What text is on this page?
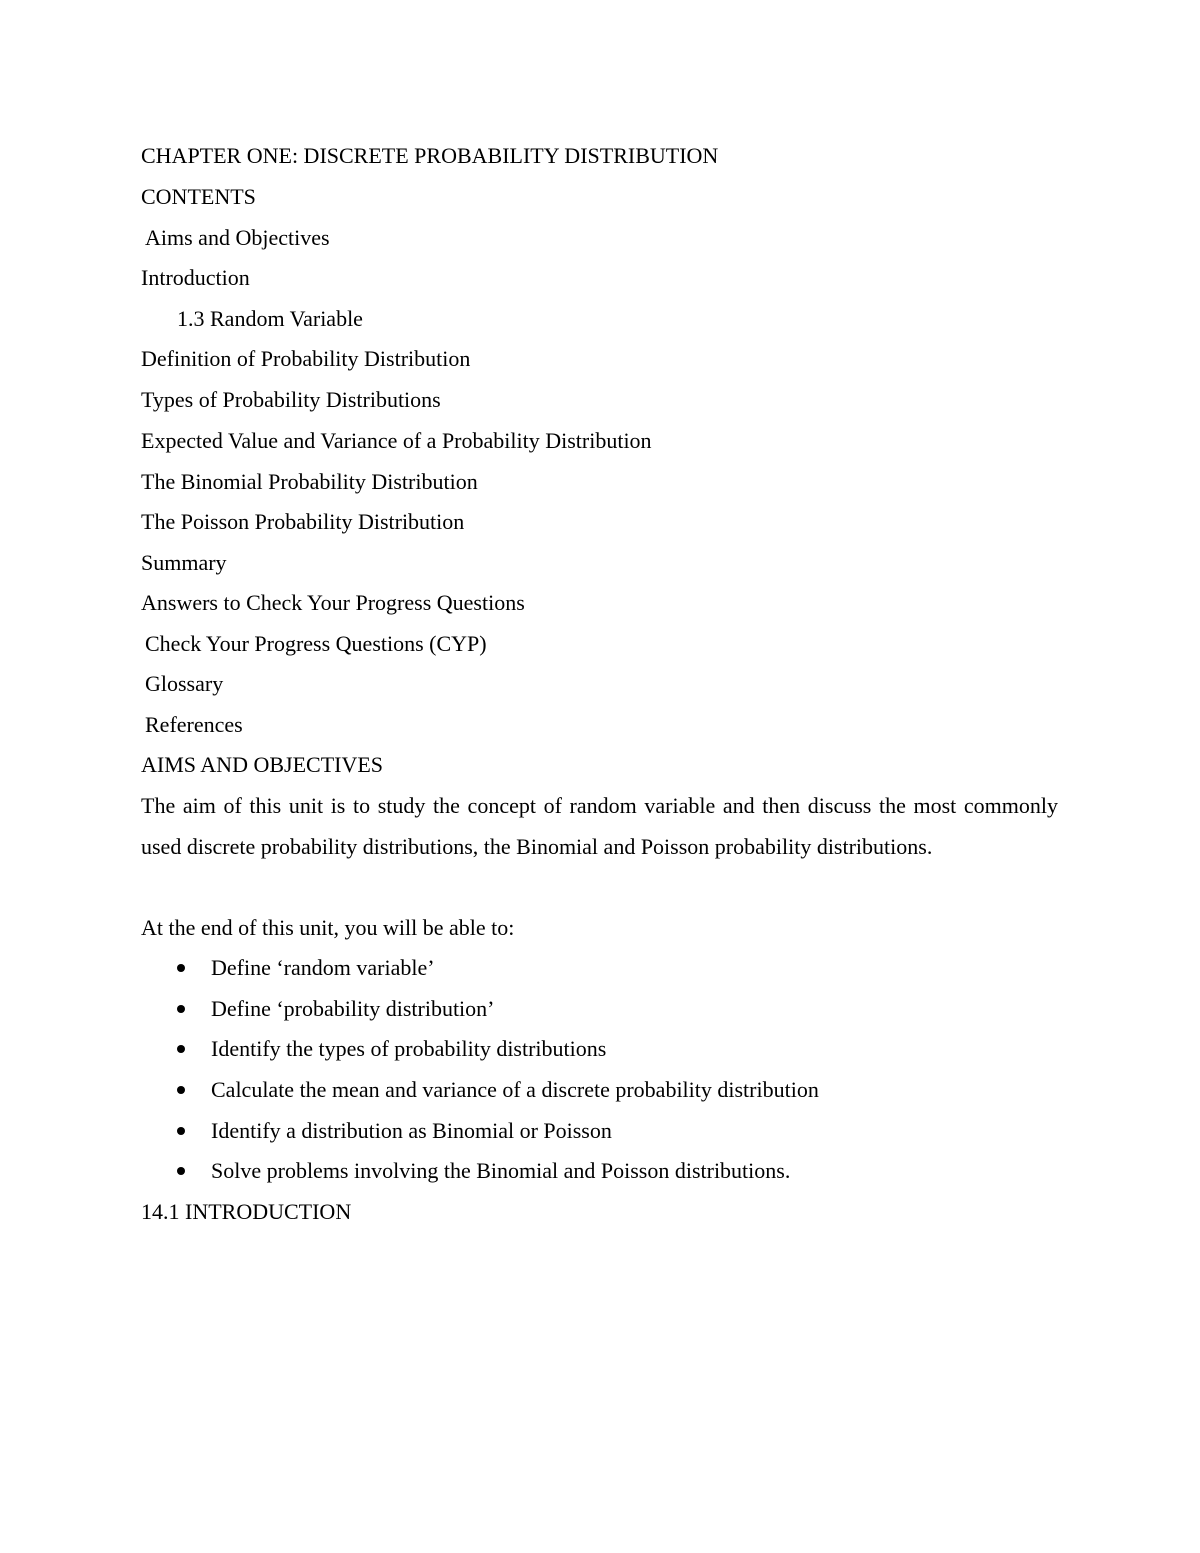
CHAPTER ONE: DISCRETE PROBABILITY DISTRIBUTION
CONTENTS
Aims and Objectives
Introduction
1.3 Random Variable
Definition of Probability Distribution
Types of Probability Distributions
Expected Value and Variance of a Probability Distribution
The Binomial Probability Distribution
The Poisson Probability Distribution
Summary
Answers to Check Your Progress Questions
Check Your Progress Questions (CYP)
Glossary
References
AIMS AND OBJECTIVES
The aim of this unit is to study the concept of random variable and then discuss the most commonly used discrete probability distributions, the Binomial and Poisson probability distributions.
At the end of this unit, you will be able to:
Define ‘random variable’
Define ‘probability distribution’
Identify the types of probability distributions
Calculate the mean and variance of a discrete probability distribution
Identify a distribution as Binomial or Poisson
Solve problems involving the Binomial and Poisson distributions.
14.1 INTRODUCTION
